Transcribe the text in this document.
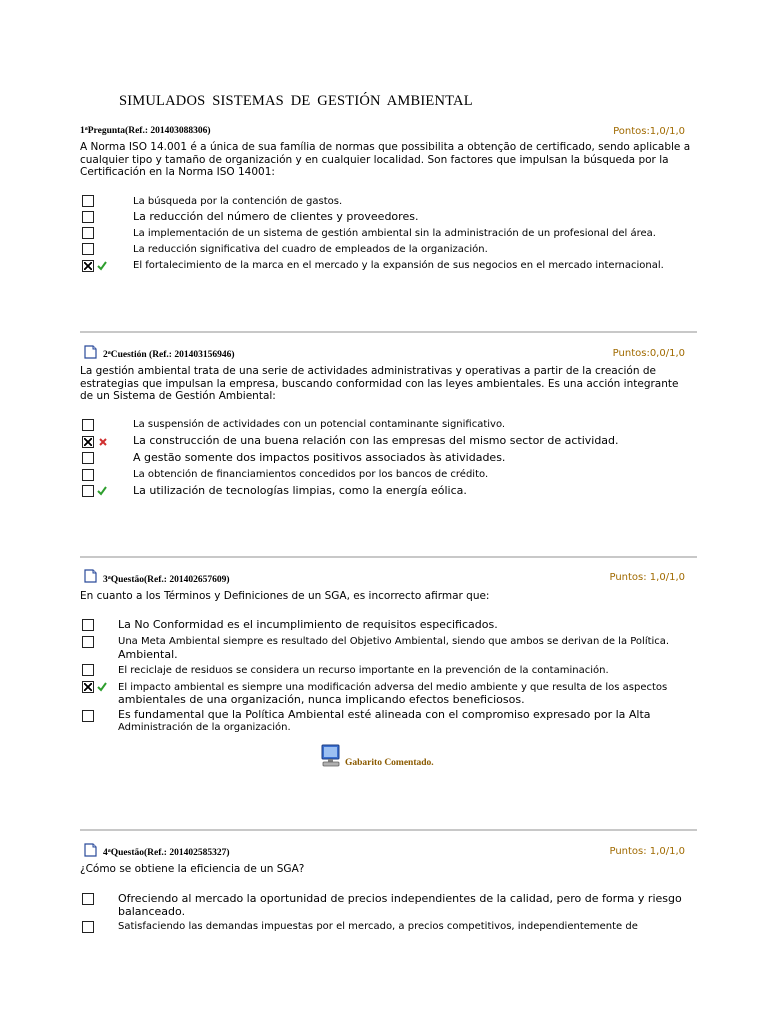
SIMULADOS SISTEMAS DE GESTIÓN AMBIENTAL
1$^a$Pregunta(Ref.: 201403088306)	Pontos:1,0/1,0
A Norma ISO 14.001 é a única de sua família de normas que possibilita a obtenção de certificado, sendo aplicable a cualquier tipo y tamaño de organización y en cualquier localidad. Son factores que impulsan la búsqueda por la Certificación en la Norma ISO 14001:
La búsqueda por la contención de gastos.
La reducción del número de clientes y proveedores.
La implementación de un sistema de gestión ambiental sin la administración de un profesional del área.
La reducción significativa del cuadro de empleados de la organización.
El fortalecimiento de la marca en el mercado y la expansión de sus negocios en el mercado internacional.
2$^a$Cuestión (Ref.: 201403156946)	Puntos:0,0/1,0
La gestión ambiental trata de una serie de actividades administrativas y operativas a partir de la creación de estrategias que impulsan la empresa, buscando conformidad con las leyes ambientales. Es una acción integrante de un Sistema de Gestión Ambiental:
La suspensión de actividades con un potencial contaminante significativo.
La construcción de una buena relación con las empresas del mismo sector de actividad.
A gestão somente dos impactos positivos associados às atividades.
La obtención de financiamientos concedidos por los bancos de crédito.
La utilización de tecnologías limpias, como la energía eólica.
3$^a$Questão(Ref.: 201402657609)	Puntos: 1,0/1,0
En cuanto a los Términos y Definiciones de un SGA, es incorrecto afirmar que:
La No Conformidad es el incumplimiento de requisitos especificados.
Una Meta Ambiental siempre es resultado del Objetivo Ambiental, siendo que ambos se derivan de la Política.
Ambiental.
El reciclaje de residuos se considera un recurso importante en la prevención de la contaminación.
El impacto ambiental es siempre una modificación adversa del medio ambiente y que resulta de los aspectos
ambientales de una organización, nunca implicando efectos beneficiosos.
Es fundamental que la Política Ambiental esté alineada con el compromiso expresado por la Alta
Administración de la organización.
Gabarito Comentado.
4$^a$Questão(Ref.: 201402585327)	Puntos: 1,0/1,0
¿Cómo se obtiene la eficiencia de un SGA?
Ofreciendo al mercado la oportunidad de precios independientes de la calidad, pero de forma y riesgo
balanceado.
Satisfaciendo las demandas impuestas por el mercado, a precios competitivos, independientemente de
